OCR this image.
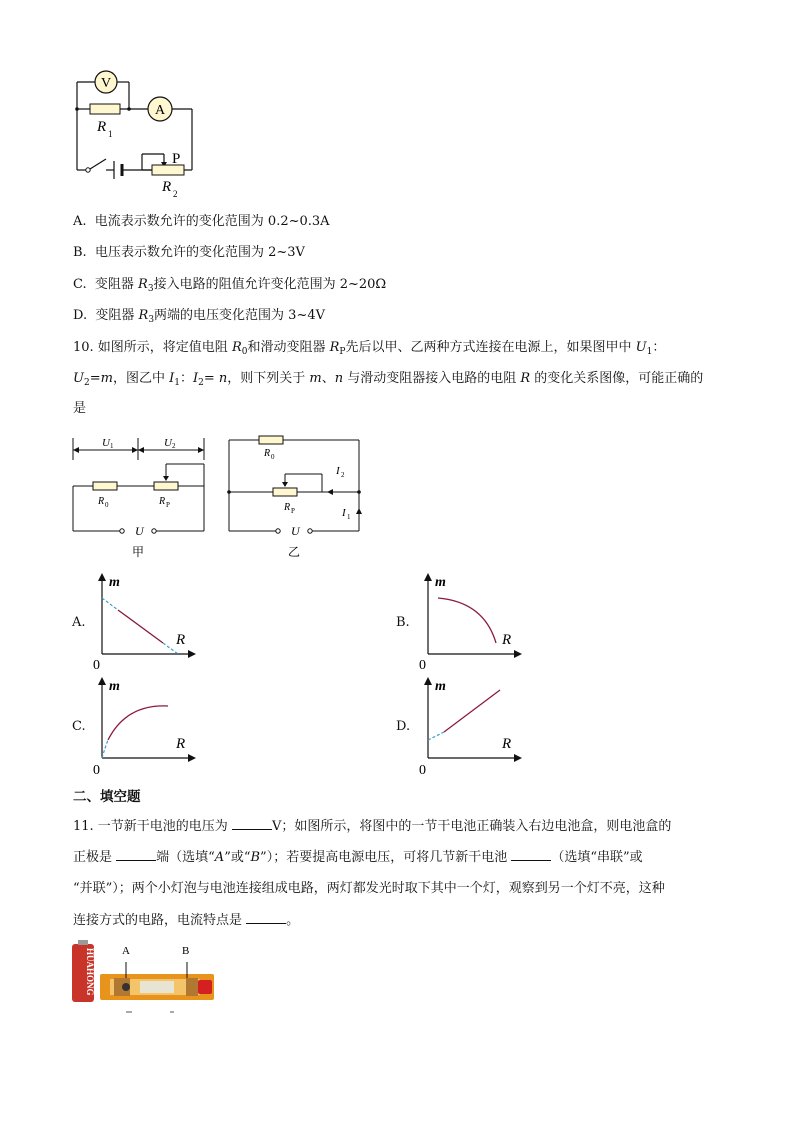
V
A
R 1
P
R 2
A. 电流表示数允许的变化范围为 0.2~0.3A
B. 电压表示数允许的变化范围为 2~3V
C. 变阻器 $R_3$接入电路的阻值允许变化范围为 2~20Ω
D. 变阻器 $R_3$两端的电压变化范围为 3~4V
10. 如图所示，将定值电阻 $R_0$和滑动变阻器 $R_P$先后以甲、乙两种方式连接在电源上，如果图甲中 $U_1$：
$U_2=m$，图乙中 $I_1$：$I_2= n$，则下列关于 m、n 与滑动变阻器接入电路的电阻 R 的变化关系图像，可能正确的
是
U 1	U 2
R 0	R P
U
甲
R 0
R P
I 2
I 1
U
乙
A.
m
R
0
B.
m
R
0
C.
m
R
0
D.
m
R
0
二、填空题
11. 一节新干电池的电压为	V；如图所示，将图中的一节干电池正确装入右边电池盒，则电池盒的
正极是	端（选填“A”或“B”）；若要提高电源电压，可将几节新干电池	（选填“串联”或
“并联”）；两个小灯泡与电池连接组成电路，两灯都发光时取下其中一个灯，观察到另一个灯不亮，这种
连接方式的电路，电流特点是	。
HUAHONG A	B
